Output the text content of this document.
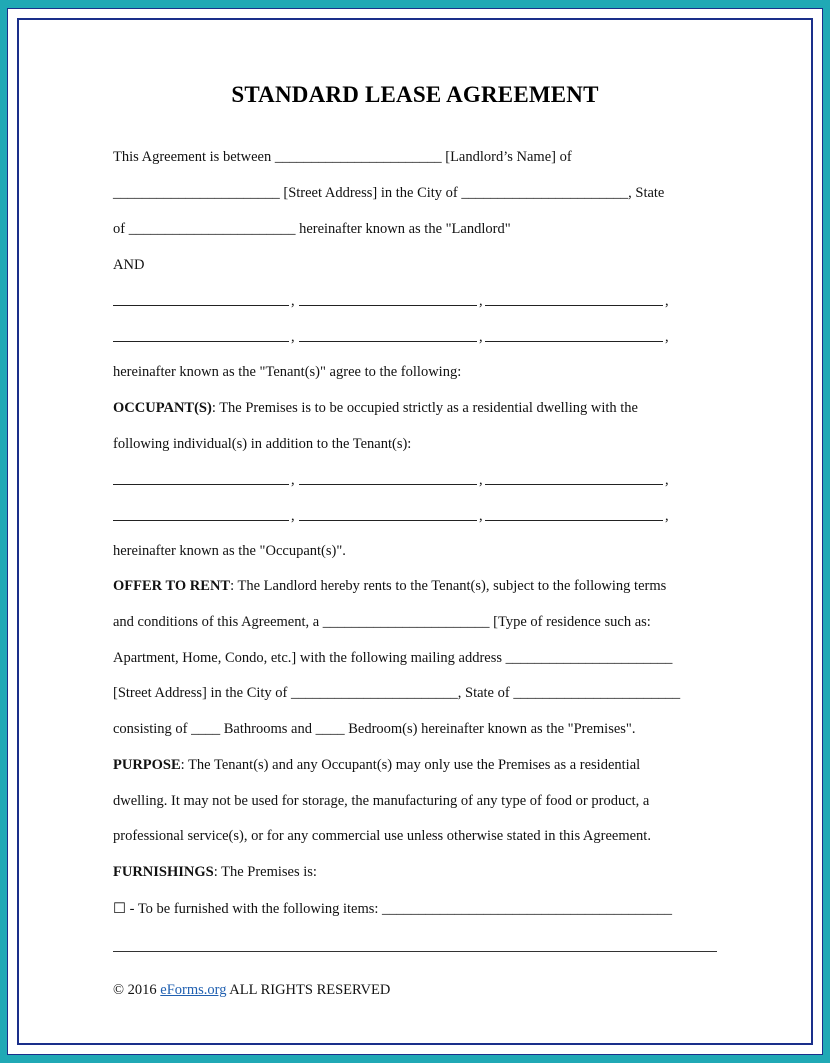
STANDARD LEASE AGREEMENT
This Agreement is between _______________________ [Landlord’s Name] of
_______________________ [Street Address] in the City of _______________________, State
of _______________________ hereinafter known as the "Landlord"
AND
,	,	,
,	,	,
hereinafter known as the "Tenant(s)" agree to the following:
OCCUPANT(S): The Premises is to be occupied strictly as a residential dwelling with the
following individual(s) in addition to the Tenant(s):
,	,	,
,	,	,
hereinafter known as the "Occupant(s)".
OFFER TO RENT: The Landlord hereby rents to the Tenant(s), subject to the following terms
and conditions of this Agreement, a _______________________ [Type of residence such as:
Apartment, Home, Condo, etc.] with the following mailing address _______________________
[Street Address] in the City of _______________________, State of _______________________
consisting of ____ Bathrooms and ____ Bedroom(s) hereinafter known as the "Premises".
PURPOSE: The Tenant(s) and any Occupant(s) may only use the Premises as a residential
dwelling. It may not be used for storage, the manufacturing of any type of food or product, a
professional service(s), or for any commercial use unless otherwise stated in this Agreement.
FURNISHINGS: The Premises is:
☐ - To be furnished with the following items: ________________________________________
© 2016 eForms.org ALL RIGHTS RESERVED
